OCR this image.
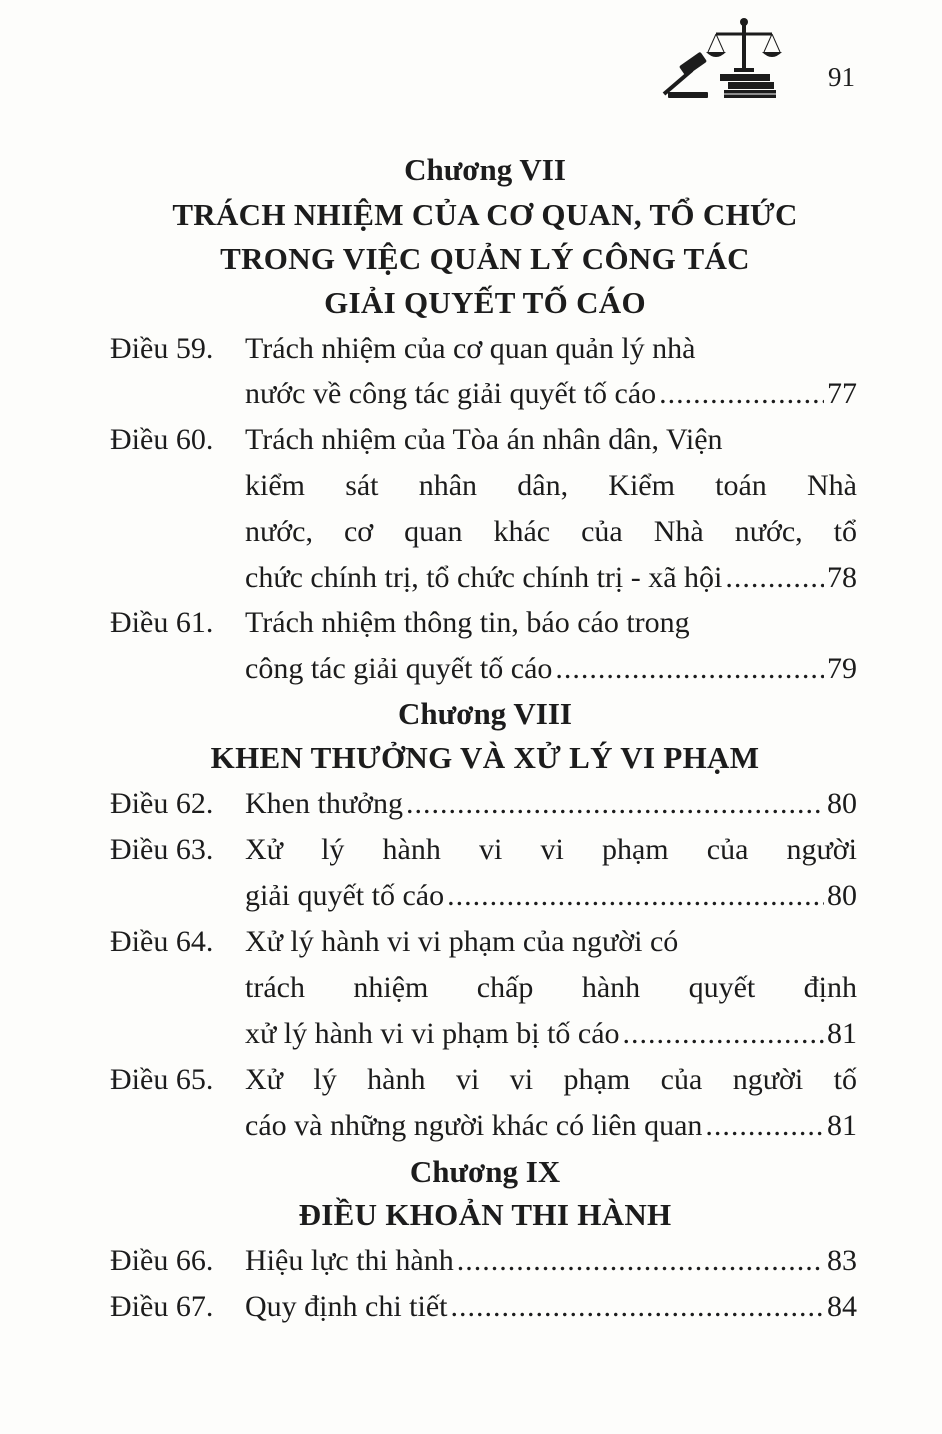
91
Chương VII
TRÁCH NHIỆM CỦA CƠ QUAN, TỔ CHỨC
TRONG VIỆC QUẢN LÝ CÔNG TÁC
GIẢI QUYẾT TỐ CÁO
Điều 59. Trách nhiệm của cơ quan quản lý nhà
nước về công tác giải quyết tố cáo .....	77
Điều 60. Trách nhiệm của Tòa án nhân dân, Viện
kiểm sát nhân dân, Kiểm toán Nhà
nước, cơ quan khác của Nhà nước, tổ
chức chính trị, tổ chức chính trị - xã hội .....	78
Điều 61. Trách nhiệm thông tin, báo cáo trong
công tác giải quyết tố cáo .....	79
Chương VIII
KHEN THƯỞNG VÀ XỬ LÝ VI PHẠM
Điều 62. Khen thưởng .....	80
Điều 63. Xử lý hành vi vi phạm của người
giải quyết tố cáo .....	80
Điều 64. Xử lý hành vi vi phạm của người có
trách nhiệm chấp hành quyết định
xử lý hành vi vi phạm bị tố cáo .....	81
Điều 65. Xử lý hành vi vi phạm của người tố
cáo và những người khác có liên quan .....	81
Chương IX
ĐIỀU KHOẢN THI HÀNH
Điều 66. Hiệu lực thi hành .....	83
Điều 67. Quy định chi tiết .....	84
